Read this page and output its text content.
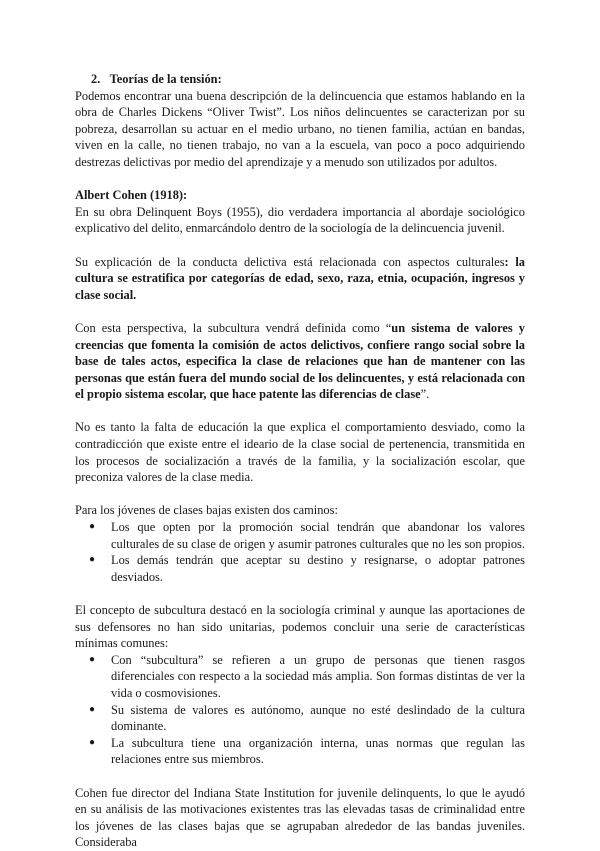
2. Teorías de la tensión:

Podemos encontrar una buena descripción de la delincuencia que estamos hablando en la obra de Charles Dickens “Oliver Twist”. Los niños delincuentes se caracterizan por su pobreza, desarrollan su actuar en el medio urbano, no tienen familia, actúan en bandas, viven en la calle, no tienen trabajo, no van a la escuela, van poco a poco adquiriendo destrezas delictivas por medio del aprendizaje y a menudo son utilizados por adultos.

Albert Cohen (1918):

En su obra Delinquent Boys (1955), dio verdadera importancia al abordaje sociológico explicativo del delito, enmarcándolo dentro de la sociología de la delincuencia juvenil.

Su explicación de la conducta delictiva está relacionada con aspectos culturales: la cultura se estratifica por categorías de edad, sexo, raza, etnia, ocupación, ingresos y clase social.

Con esta perspectiva, la subcultura vendrá definida como “un sistema de valores y creencias que fomenta la comisión de actos delictivos, confiere rango social sobre la base de tales actos, especifica la clase de relaciones que han de mantener con las personas que están fuera del mundo social de los delincuentes, y está relacionada con el propio sistema escolar, que hace patente las diferencias de clase”.

No es tanto la falta de educación la que explica el comportamiento desviado, como la contradicción que existe entre el ideario de la clase social de pertenencia, transmitida en los procesos de socialización a través de la familia, y la socialización escolar, que preconiza valores de la clase media.

Para los jóvenes de clases bajas existen dos caminos:

● Los que opten por la promoción social tendrán que abandonar los valores culturales de su clase de origen y asumir patrones culturales que no les son propios.
● Los demás tendrán que aceptar su destino y resignarse, o adoptar patrones desviados.

El concepto de subcultura destacó en la sociología criminal y aunque las aportaciones de sus defensores no han sido unitarias, podemos concluir una serie de características mínimas comunes:

● Con “subcultura” se refieren a un grupo de personas que tienen rasgos diferenciales con respecto a la sociedad más amplia. Son formas distintas de ver la vida o cosmovisiones.
● Su sistema de valores es autónomo, aunque no esté deslindado de la cultura dominante.
● La subcultura tiene una organización interna, unas normas que regulan las relaciones entre sus miembros.

Cohen fue director del Indiana State Institution for juvenile delinquents, lo que le ayudó en su análisis de las motivaciones existentes tras las elevadas tasas de criminalidad entre los jóvenes de las clases bajas que se agrupaban alrededor de las bandas juveniles. Consideraba
